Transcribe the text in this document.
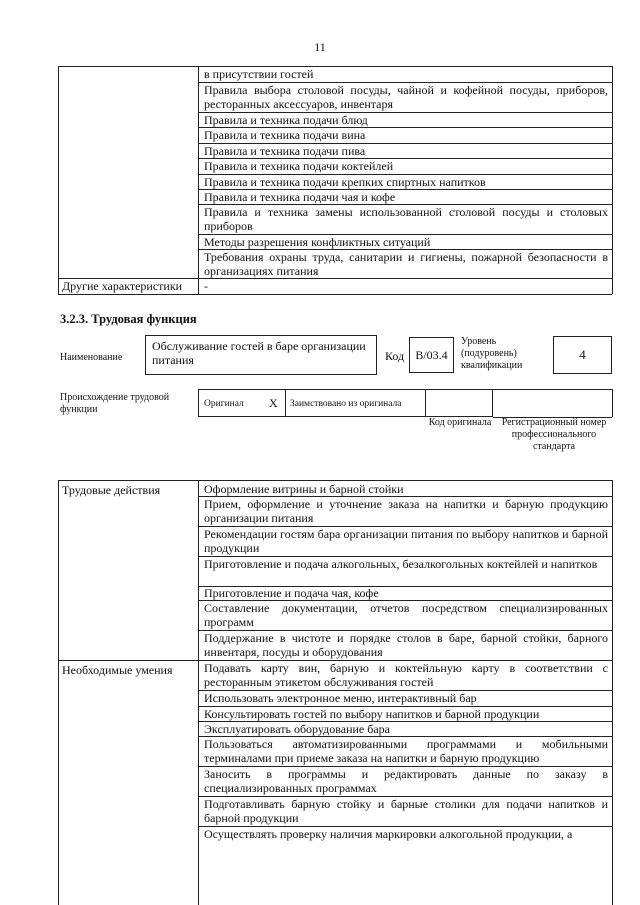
11
в присутствии гостей
Правила выбора столовой посуды, чайной и кофейной посуды, приборов, ресторанных аксессуаров, инвентаря
Правила и техника подачи блюд
Правила и техника подачи вина
Правила и техника подачи пива
Правила и техника подачи коктейлей
Правила и техника подачи крепких спиртных напитков
Правила и техника подачи чая и кофе
Правила и техника замены использованной столовой посуды и столовых приборов
Методы разрешения конфликтных ситуаций
Требования охраны труда, санитарии и гигиены, пожарной безопасности в организациях питания
Другие характеристики	-
3.2.3. Трудовая функция
Наименование
Обслуживание гостей в баре организации питания	Код B/03.4
Уровень (подуровень) квалификации
4
Происхождение трудовой функции	Оригинал X Заимствовано из оригинала
Код оригинала	Регистрационный номер профессионального стандарта
Трудовые действия	Оформление витрины и барной стойки
Прием, оформление и уточнение заказа на напитки и барную продукцию организации питания
Рекомендации гостям бара организации питания по выбору напитков и барной продукции
Приготовление и подача алкогольных, безалкогольных коктейлей и напитков
Приготовление и подача чая, кофе
Составление документации, отчетов посредством специализированных программ
Поддержание в чистоте и порядке столов в баре, барной стойки, барного инвентаря, посуды и оборудования
Необходимые умения	Подавать карту вин, барную и коктейльную карту в соответствии с ресторанным этикетом обслуживания гостей
Использовать электронное меню, интерактивный бар
Консультировать гостей по выбору напитков и барной продукции
Эксплуатировать оборудование бара
Пользоваться автоматизированными программами и мобильными терминалами при приеме заказа на напитки и барную продукцию
Заносить в программы и редактировать данные по заказу в специализированных программах
Подготавливать барную стойку и барные столики для подачи напитков и барной продукции
Осуществлять проверку наличия маркировки алкогольной продукции, а
